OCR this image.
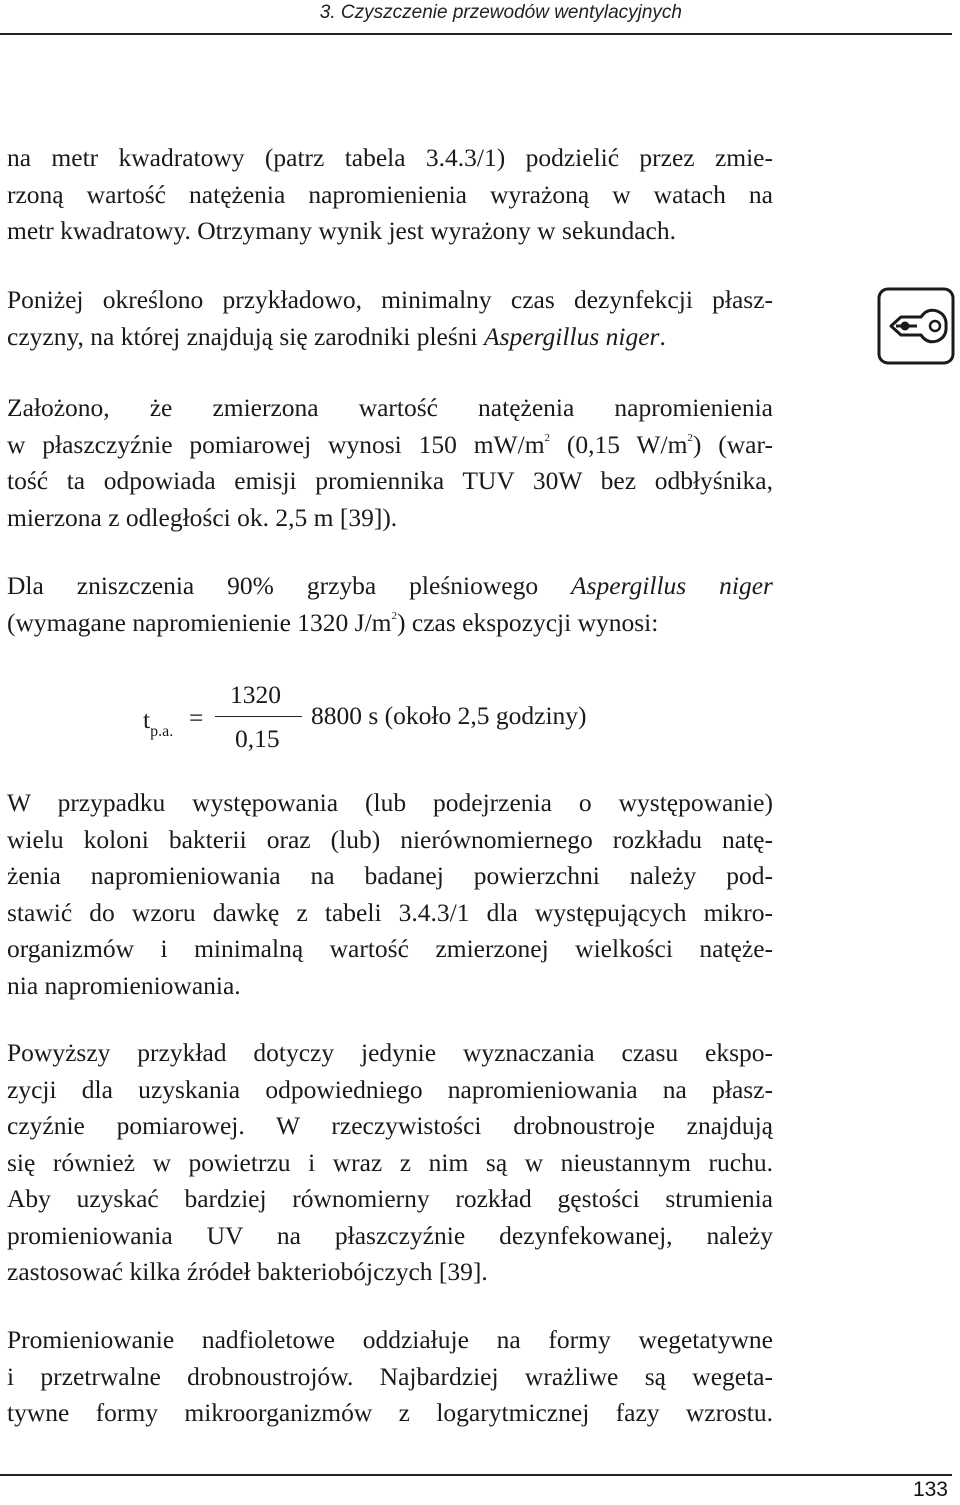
3. Czyszczenie przewodów wentylacyjnych
na metr kwadratowy (patrz tabela 3.4.3/1) podzielić przez zmie-
rzoną wartość natężenia napromienienia wyrażoną w watach na
metr kwadratowy. Otrzymany wynik jest wyrażony w sekundach.
Poniżej określono przykładowo, minimalny czas dezynfekcji płasz-
czyzny, na której znajdują się zarodniki pleśni Aspergillus niger.
Założono, że zmierzona wartość natężenia napromienienia
w płaszczyźnie pomiarowej wynosi 150 $mW/m^2$ (0,15 $W/m^2$) (war-
tość ta odpowiada emisji promiennika TUV 30W bez odbłyśnika,
mierzona z odległości ok. 2,5 m [39]).
Dla zniszczenia 90% grzyba pleśniowego Aspergillus niger
(wymagane napromienienie 1320 $J/m^2$) czas ekspozycji wynosi:
$t_{p.a.}$ =
1320
0,15
8800 s (około 2,5 godziny)
W przypadku występowania (lub podejrzenia o występowanie)
wielu koloni bakterii oraz (lub) nierównomiernego rozkładu natę-
żenia napromieniowania na badanej powierzchni należy pod-
stawić do wzoru dawkę z tabeli 3.4.3/1 dla występujących mikro-
organizmów i minimalną wartość zmierzonej wielkości natęże-
nia napromieniowania.
Powyższy przykład dotyczy jedynie wyznaczania czasu ekspo-
zycji dla uzyskania odpowiedniego napromieniowania na płasz-
czyźnie pomiarowej. W rzeczywistości drobnoustroje znajdują
się również w powietrzu i wraz z nim są w nieustannym ruchu.
Aby uzyskać bardziej równomierny rozkład gęstości strumienia
promieniowania UV na płaszczyźnie dezynfekowanej, należy
zastosować kilka źródeł bakteriobójczych [39].
Promieniowanie nadfioletowe oddziałuje na formy wegetatywne
i przetrwalne drobnoustrojów. Najbardziej wrażliwe są wegeta-
tywne formy mikroorganizmów z logarytmicznej fazy wzrostu.
133
